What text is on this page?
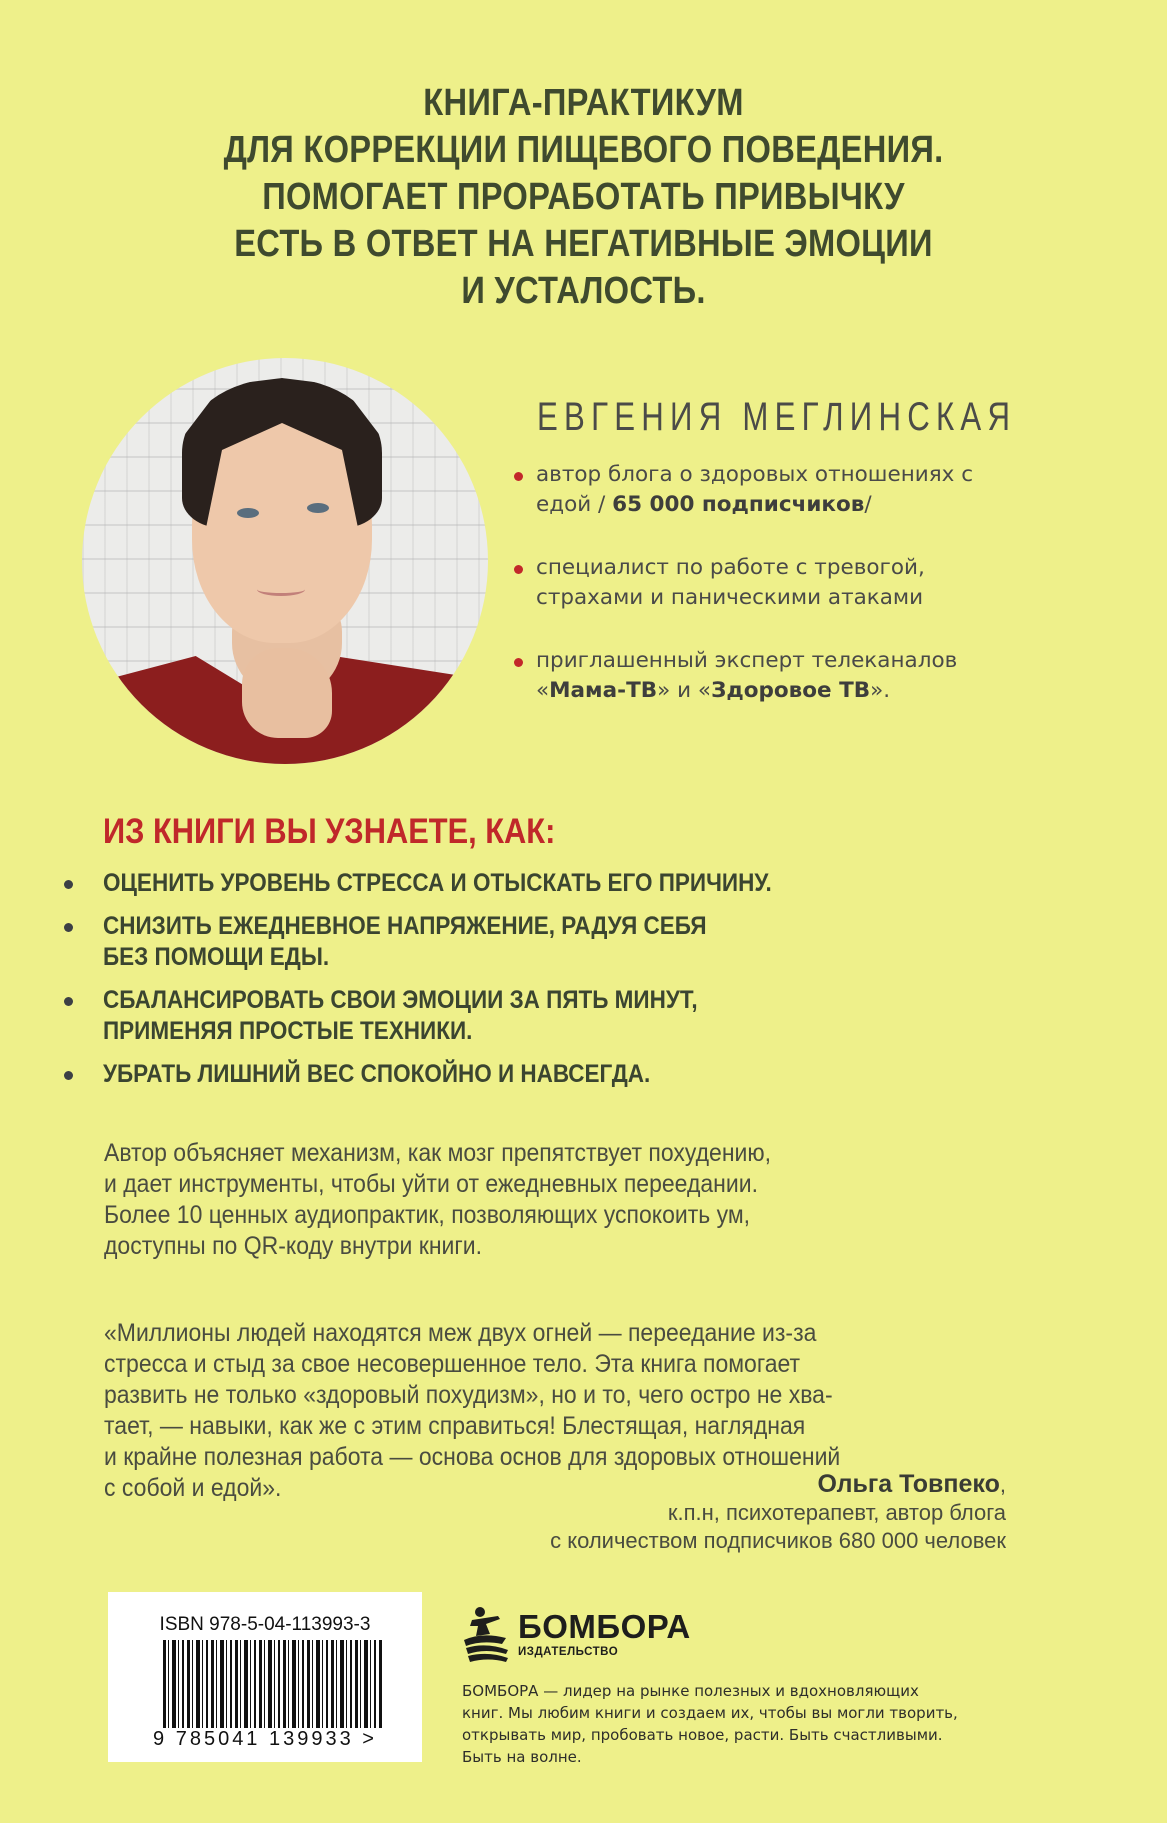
КНИГА-ПРАКТИКУМ
ДЛЯ КОРРЕКЦИИ ПИЩЕВОГО ПОВЕДЕНИЯ.
ПОМОГАЕТ ПРОРАБОТАТЬ ПРИВЫЧКУ
ЕСТЬ В ОТВЕТ НА НЕГАТИВНЫЕ ЭМОЦИИ
И УСТАЛОСТЬ.
ЕВГЕНИЯ МЕГЛИНСКАЯ
автор блога о здоровых отношениях с едой / 65 000 подписчиков/
специалист по работе с тревогой, страхами и паническими атаками
приглашенный эксперт телеканалов «Мама-ТВ» и «Здоровое ТВ».
ИЗ КНИГИ ВЫ УЗНАЕТЕ, КАК:
ОЦЕНИТЬ УРОВЕНЬ СТРЕССА И ОТЫСКАТЬ ЕГО ПРИЧИНУ.
СНИЗИТЬ ЕЖЕДНЕВНОЕ НАПРЯЖЕНИЕ, РАДУЯ СЕБЯ
БЕЗ ПОМОЩИ ЕДЫ.
СБАЛАНСИРОВАТЬ СВОИ ЭМОЦИИ ЗА ПЯТЬ МИНУТ,
ПРИМЕНЯЯ ПРОСТЫЕ ТЕХНИКИ.
УБРАТЬ ЛИШНИЙ ВЕС СПОКОЙНО И НАВСЕГДА.
Автор объясняет механизм, как мозг препятствует похудению,
и дает инструменты, чтобы уйти от ежедневных переедании.
Более 10 ценных аудиопрактик, позволяющих успокоить ум,
доступны по QR-коду внутри книги.
«Миллионы людей находятся меж двух огней — переедание из-за
стресса и стыд за свое несовершенное тело. Эта книга помогает
развить не только «здоровый похудизм», но и то, чего остро не хва-
тает, — навыки, как же с этим справиться! Блестящая, наглядная
и крайне полезная работа — основа основ для здоровых отношений
с собой и едой».	Ольга Товпеко,
к.п.н, психотерапевт, автор блога
с количеством подписчиков 680 000 человек
ISBN 978-5-04-113993-3
9 785041 139933 >
БОМБОРА
ИЗДАТЕЛЬСТВО
БОМБОРА — лидер на рынке полезных и вдохновляющих книг. Мы любим книги и создаем их, чтобы вы могли творить, открывать мир, пробовать новое, расти. Быть счастливыми. Быть на волне.
